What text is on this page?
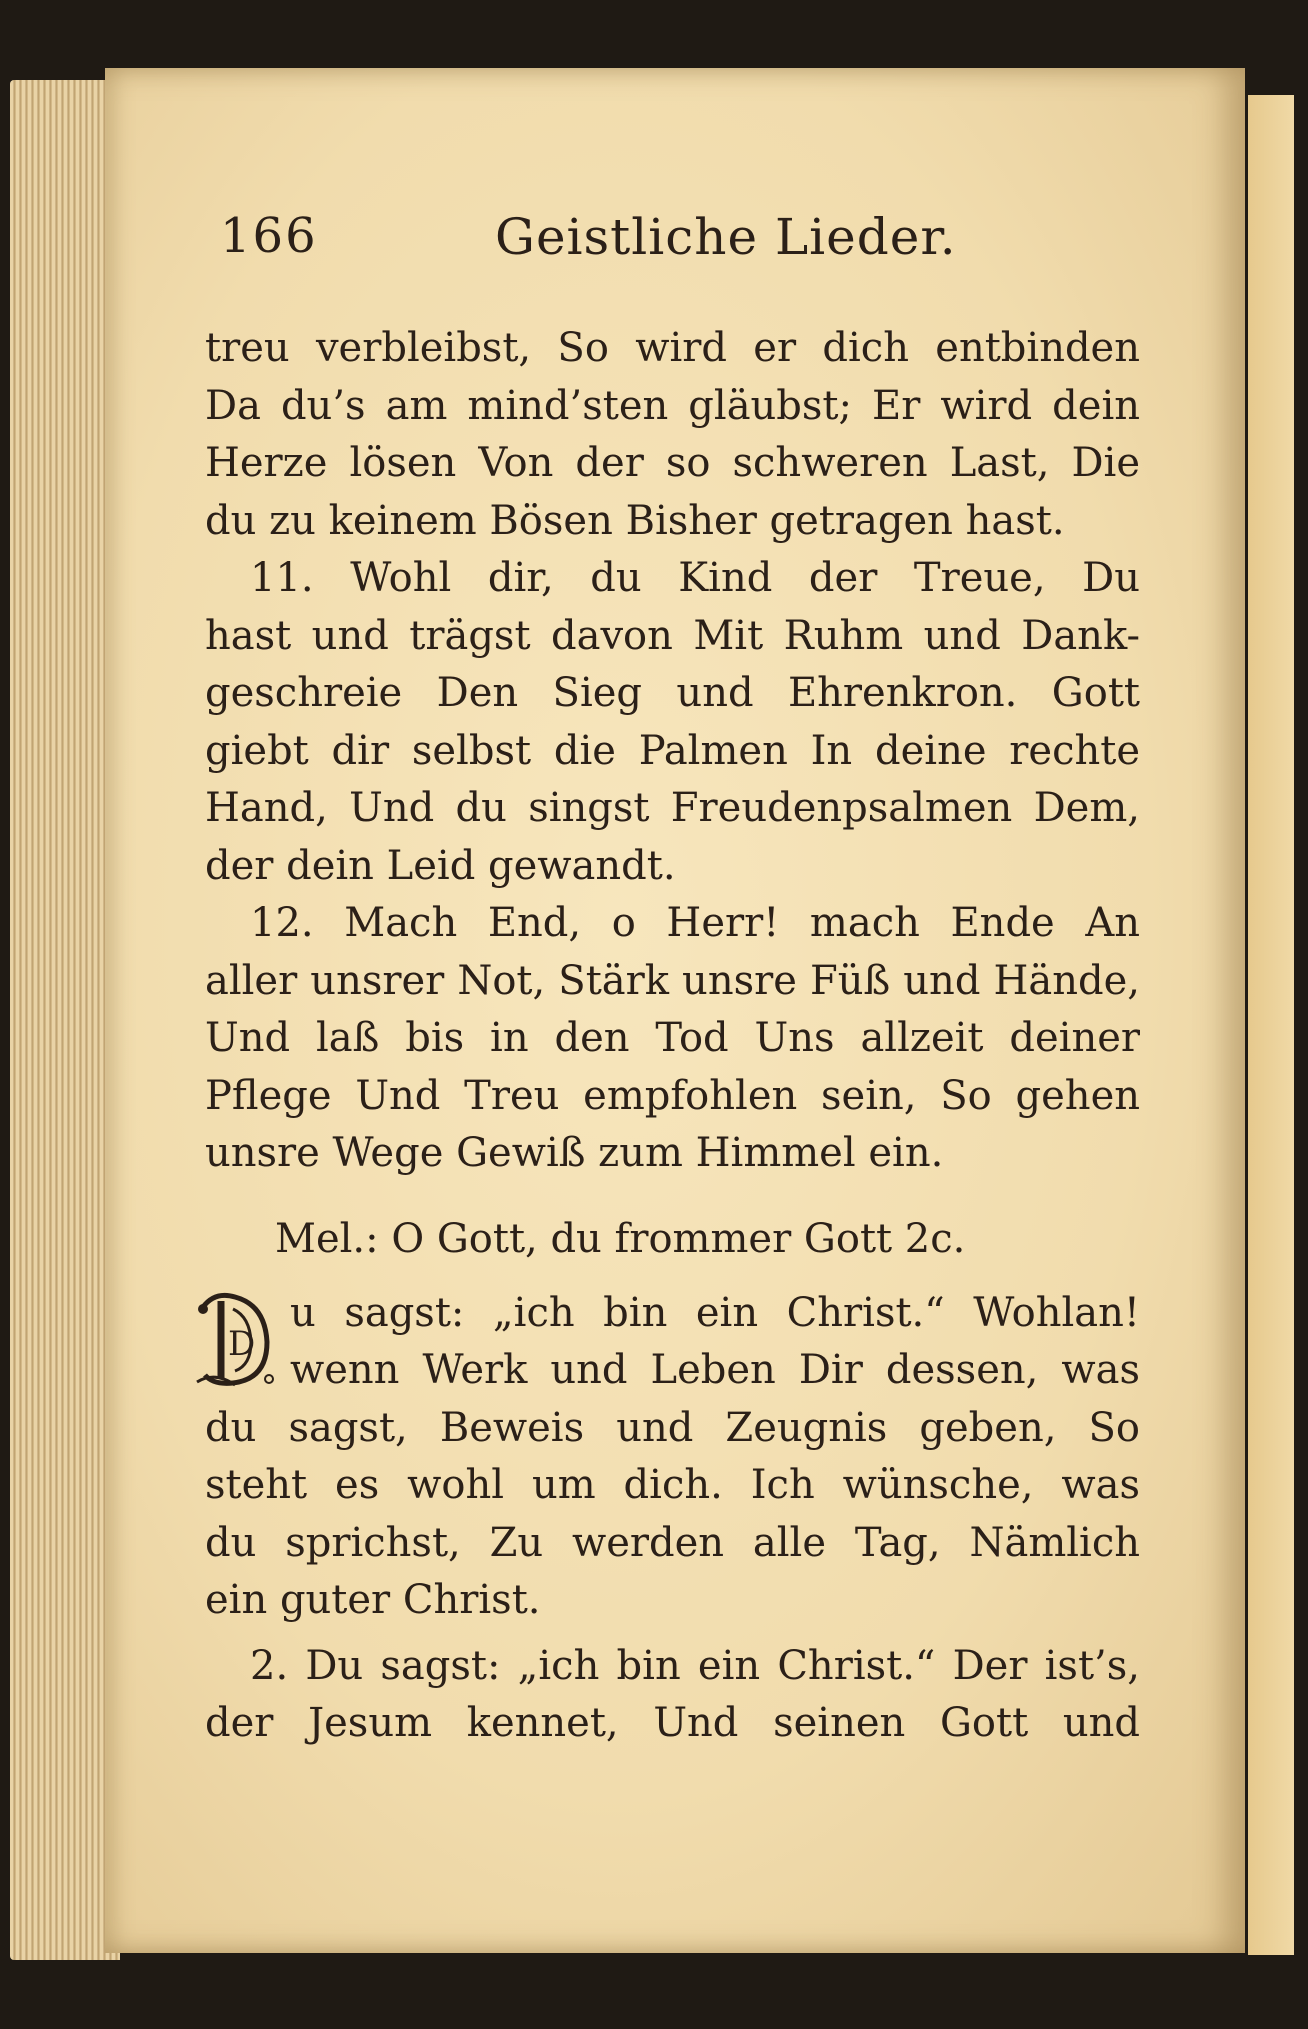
166	Geistliche Lieder.
treu verbleibst, So wird er dich entbinden
Da du’s am mind’sten gläubst; Er wird dein
Herze lösen Von der so schweren Last, Die
du zu keinem Bösen Bisher getragen hast.
11. Wohl dir, du Kind der Treue, Du
hast und trägst davon Mit Ruhm und Dank-
geschreie Den Sieg und Ehrenkron. Gott
giebt dir selbst die Palmen In deine rechte
Hand, Und du singst Freudenpsalmen Dem,
der dein Leid gewandt.
12. Mach End, o Herr! mach Ende An
aller unsrer Not, Stärk unsre Füß und Hände,
Und laß bis in den Tod Uns allzeit deiner
Pflege Und Treu empfohlen sein, So gehen
unsre Wege Gewiß zum Himmel ein.
Mel.: O Gott, du frommer Gott 2c.
D
u sagst: „ich bin ein Christ.“ Wohlan!
wenn Werk und Leben Dir dessen, was
du sagst, Beweis und Zeugnis geben, So
steht es wohl um dich. Ich wünsche, was
du sprichst, Zu werden alle Tag, Nämlich
ein guter Christ.
2. Du sagst: „ich bin ein Christ.“ Der ist’s,
der Jesum kennet, Und seinen Gott und
